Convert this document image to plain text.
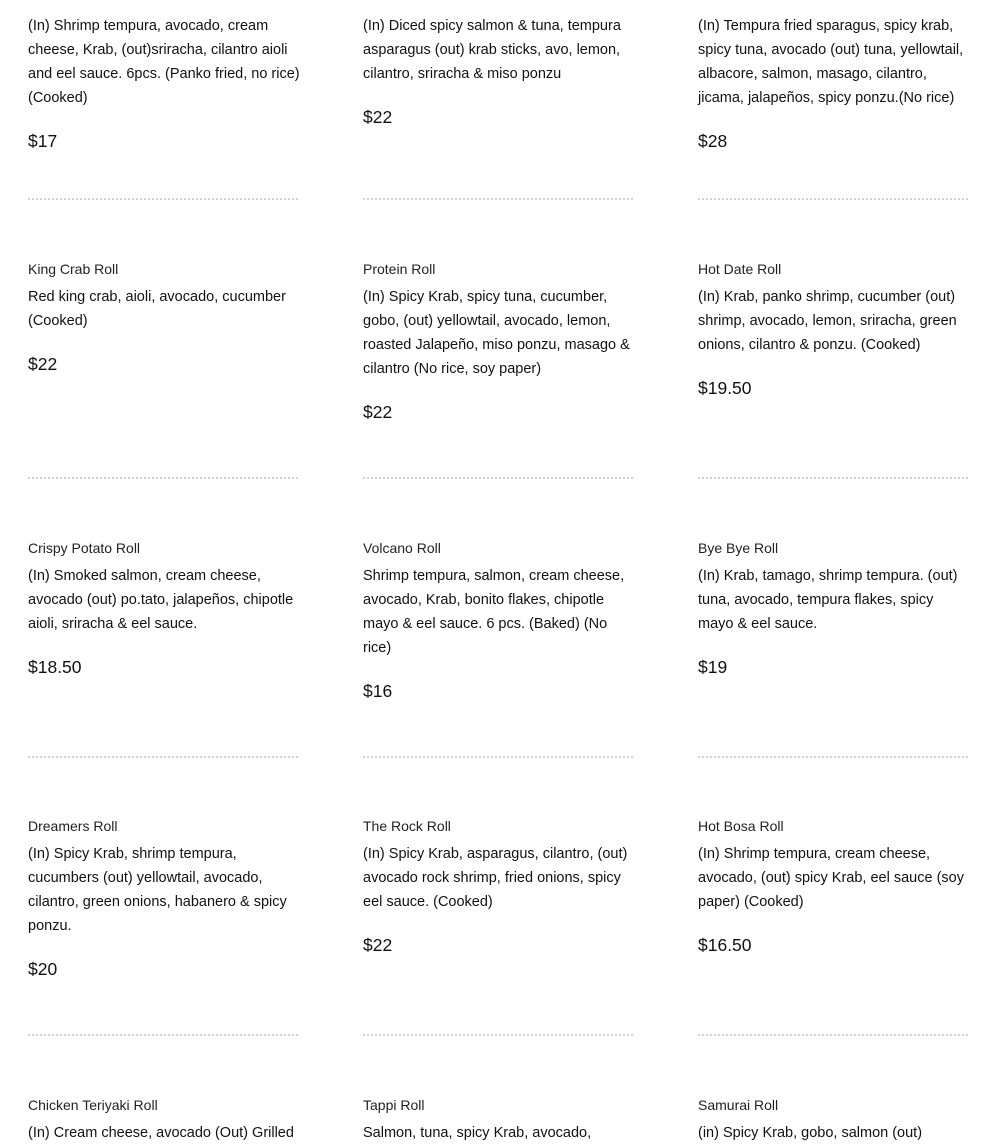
(In) Shrimp tempura, avocado, cream cheese, Krab, (out)sriracha, cilantro aioli and eel sauce. 6pcs. (Panko fried, no rice) (Cooked)
$17
(In) Diced spicy salmon & tuna, tempura asparagus (out) krab sticks, avo, lemon, cilantro, sriracha & miso ponzu
$22
(In) Tempura fried sparagus, spicy krab, spicy tuna, avocado (out) tuna, yellowtail, albacore, salmon, masago, cilantro, jicama, jalapeños, spicy ponzu.(No rice)
$28
King Crab Roll
Red king crab, aioli, avocado, cucumber (Cooked)
$22
Protein Roll
(In) Spicy Krab, spicy tuna, cucumber, gobo, (out) yellowtail, avocado, lemon, roasted Jalapeño, miso ponzu, masago & cilantro (No rice, soy paper)
$22
Hot Date Roll
(In) Krab, panko shrimp, cucumber (out) shrimp, avocado, lemon, sriracha, green onions, cilantro & ponzu. (Cooked)
$19.50
Crispy Potato Roll
(In) Smoked salmon, cream cheese, avocado (out) po.tato, jalapeños, chipotle aioli, sriracha & eel sauce.
$18.50
Volcano Roll
Shrimp tempura, salmon, cream cheese, avocado, Krab, bonito flakes, chipotle mayo & eel sauce. 6 pcs. (Baked) (No rice)
$16
Bye Bye Roll
(In) Krab, tamago, shrimp tempura. (out) tuna, avocado, tempura flakes, spicy mayo & eel sauce.
$19
Dreamers Roll
(In) Spicy Krab, shrimp tempura, cucumbers (out) yellowtail, avocado, cilantro, green onions, habanero & spicy ponzu.
$20
The Rock Roll
(In) Spicy Krab, asparagus, cilantro, (out) avocado rock shrimp, fried onions, spicy eel sauce. (Cooked)
$22
Hot Bosa Roll
(In) Shrimp tempura, cream cheese, avocado, (out) spicy Krab, eel sauce (soy paper) (Cooked)
$16.50
Chicken Teriyaki Roll
(In) Cream cheese, avocado (Out) Grilled
Tappi Roll
Salmon, tuna, spicy Krab, avocado,
Samurai Roll
(in) Spicy Krab, gobo, salmon (out)
